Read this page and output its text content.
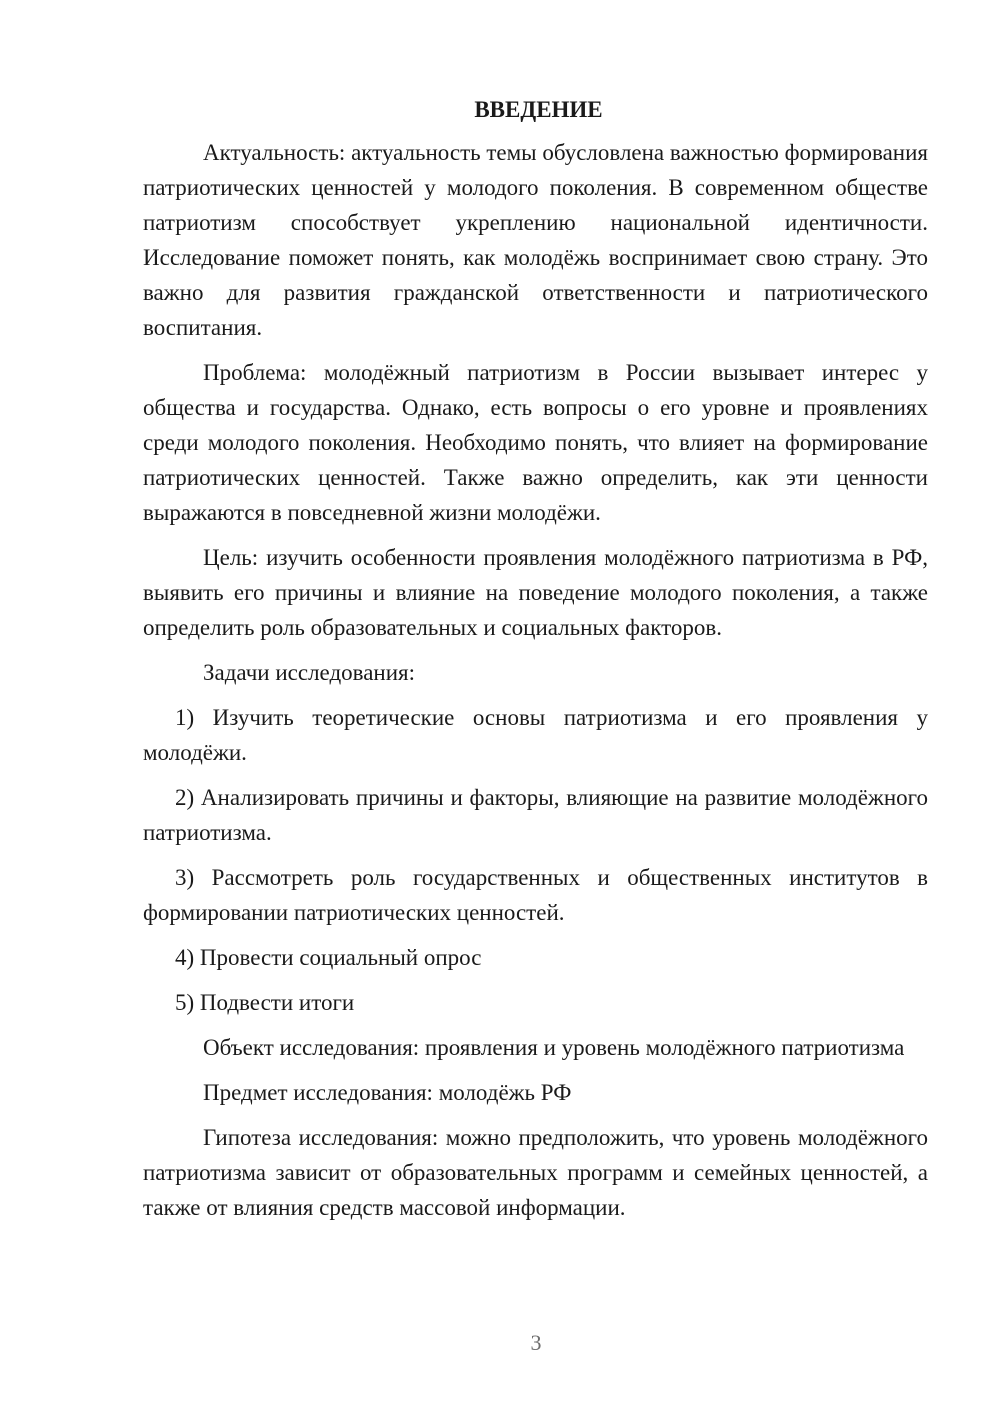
ВВЕДЕНИЕ

Актуальность: актуальность темы обусловлена важностью формирования патриотических ценностей у молодого поколения. В современном обществе патриотизм способствует укреплению национальной идентичности. Исследование поможет понять, как молодёжь воспринимает свою страну. Это важно для развития гражданской ответственности и патриотического воспитания.

Проблема: молодёжный патриотизм в России вызывает интерес у общества и государства. Однако, есть вопросы о его уровне и проявлениях среди молодого поколения. Необходимо понять, что влияет на формирование патриотических ценностей. Также важно определить, как эти ценности выражаются в повседневной жизни молодёжи.

Цель: изучить особенности проявления молодёжного патриотизма в РФ, выявить его причины и влияние на поведение молодого поколения, а также определить роль образовательных и социальных факторов.

Задачи исследования:

1) Изучить теоретические основы патриотизма и его проявления у молодёжи.

2) Анализировать причины и факторы, влияющие на развитие молодёжного патриотизма.

3) Рассмотреть роль государственных и общественных институтов в формировании патриотических ценностей.

4) Провести социальный опрос

5) Подвести итоги

Объект исследования: проявления и уровень молодёжного патриотизма

Предмет исследования: молодёжь РФ

Гипотеза исследования: можно предположить, что уровень молодёжного патриотизма зависит от образовательных программ и семейных ценностей, а также от влияния средств массовой информации.

3
